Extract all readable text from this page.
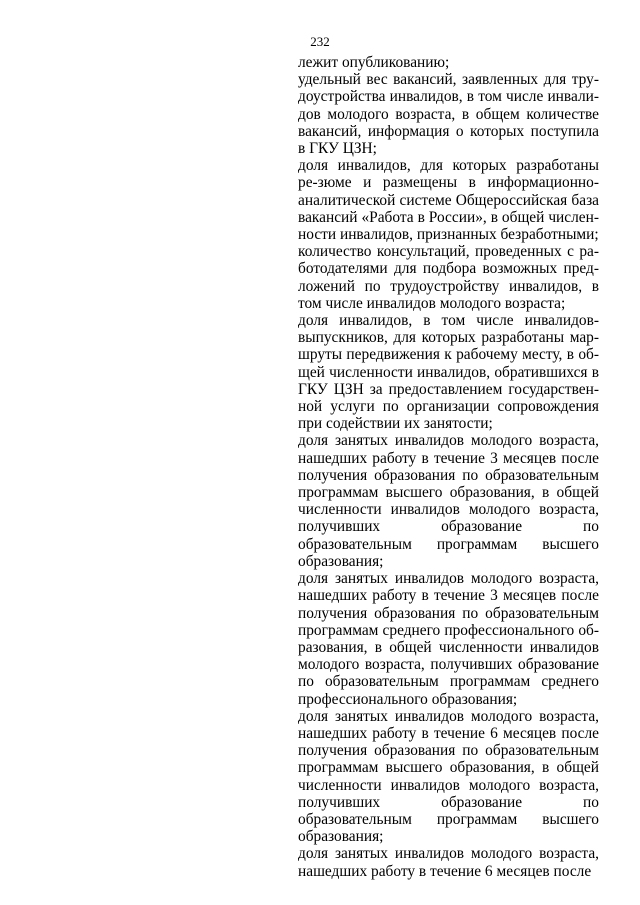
232

лежит опубликованию;

удельный вес вакансий, заявленных для тру-доустройства инвалидов, в том числе инвали-дов молодого возраста, в общем количестве вакансий, информация о которых поступила в ГКУ ЦЗН;

доля инвалидов, для которых разработаны ре-зюме и размещены в информационно-аналитической системе Общероссийская база вакансий «Работа в России», в общей числен-ности инвалидов, признанных безработными;

количество консультаций, проведенных с ра-ботодателями для подбора возможных пред-ложений по трудоустройству инвалидов, в том числе инвалидов молодого возраста;

доля инвалидов, в том числе инвалидов-выпускников, для которых разработаны мар-шруты передвижения к рабочему месту, в об-щей численности инвалидов, обратившихся в ГКУ ЦЗН за предоставлением государствен-ной услуги по организации сопровождения при содействии их занятости;

доля занятых инвалидов молодого возраста, нашедших работу в течение 3 месяцев после получения образования по образовательным программам высшего образования, в общей численности инвалидов молодого возраста, получивших образование по образовательным программам высшего образования;

доля занятых инвалидов молодого возраста, нашедших работу в течение 3 месяцев после получения образования по образовательным программам среднего профессионального об-разования, в общей численности инвалидов молодого возраста, получивших образование по образовательным программам среднего профессионального образования;

доля занятых инвалидов молодого возраста, нашедших работу в течение 6 месяцев после получения образования по образовательным программам высшего образования, в общей численности инвалидов молодого возраста, получивших образование по образовательным программам высшего образования;

доля занятых инвалидов молодого возраста, нашедших работу в течение 6 месяцев после
